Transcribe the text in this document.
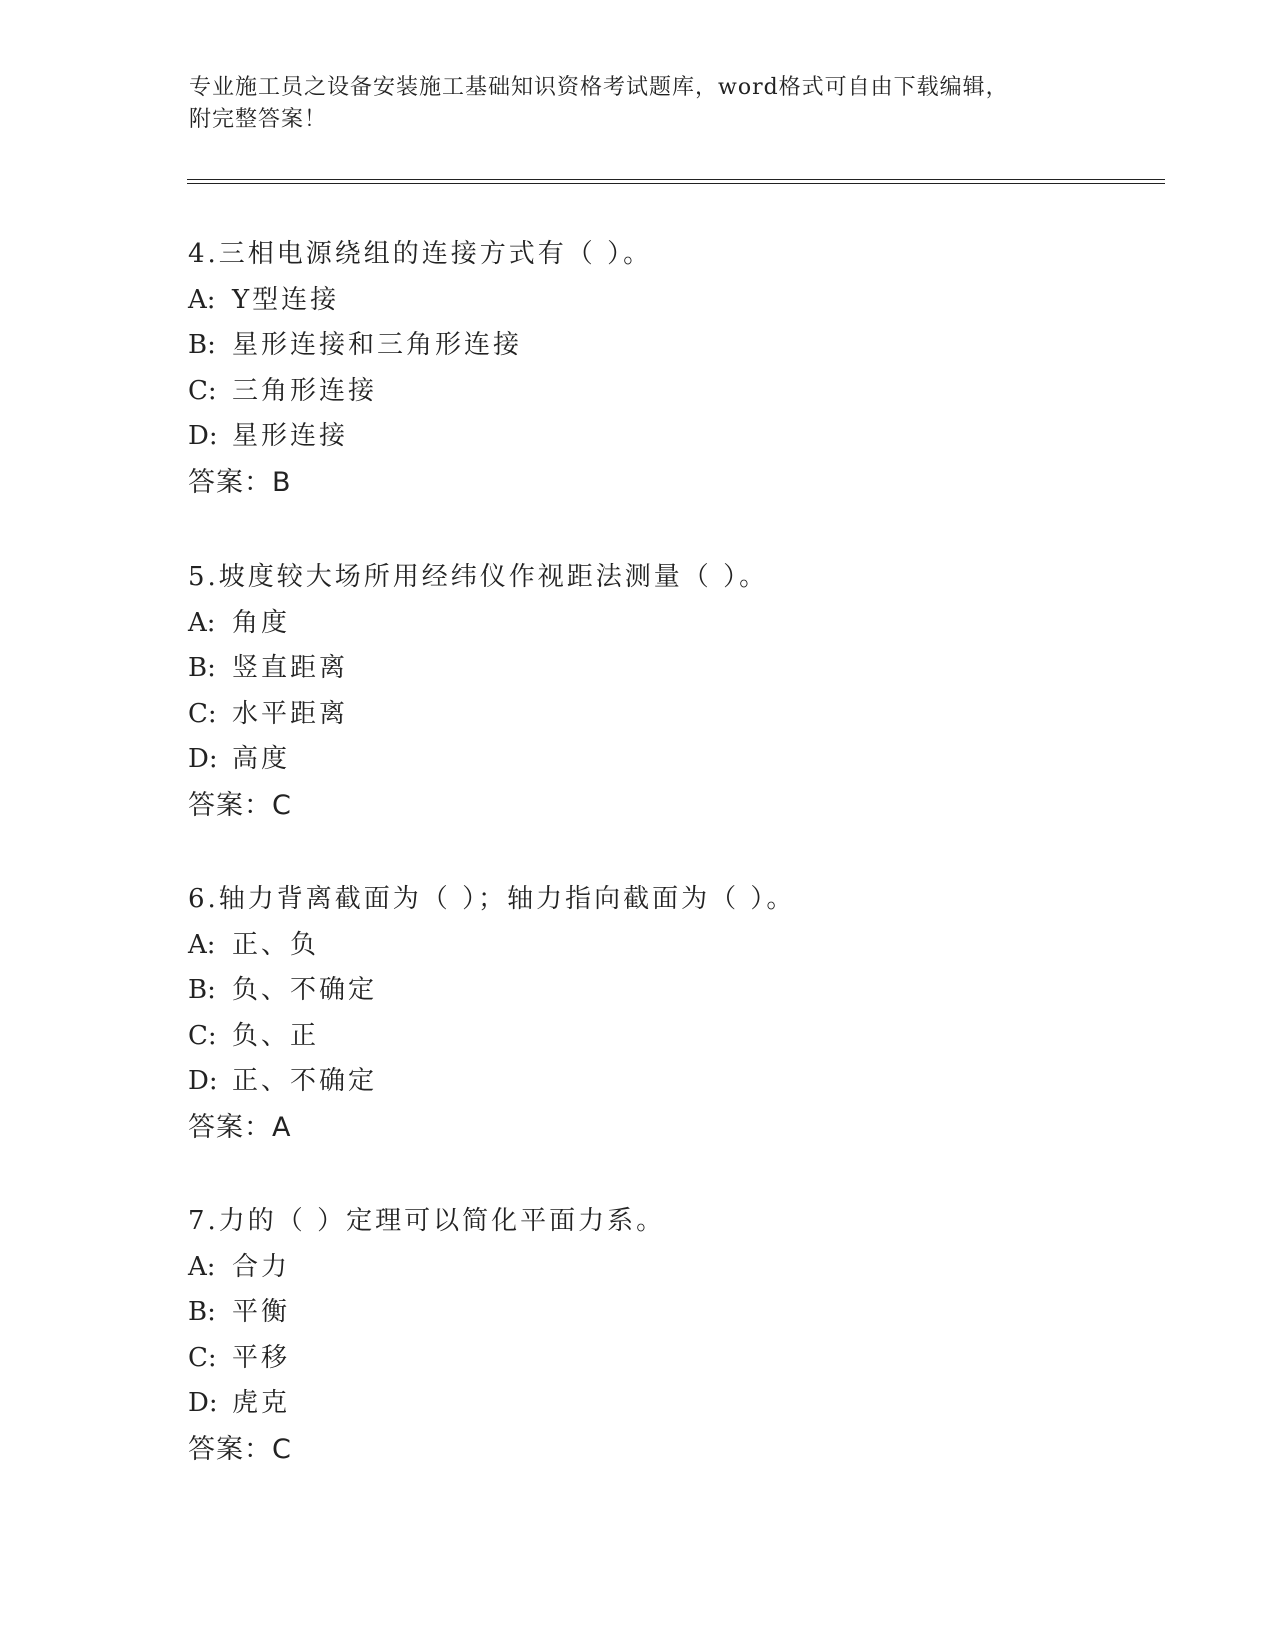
专业施工员之设备安装施工基础知识资格考试题库，word格式可自由下载编辑，
附完整答案！
4.三相电源绕组的连接方式有（ ）。
A: Y型连接
B: 星形连接和三角形连接
C: 三角形连接
D: 星形连接
答案：B
5.坡度较大场所用经纬仪作视距法测量（ ）。
A: 角度
B: 竖直距离
C: 水平距离
D: 高度
答案：C
6.轴力背离截面为（ ）；轴力指向截面为（ ）。
A: 正、负
B: 负、不确定
C: 负、正
D: 正、不确定
答案：A
7.力的（ ）定理可以简化平面力系。
A: 合力
B: 平衡
C: 平移
D: 虎克
答案：C
